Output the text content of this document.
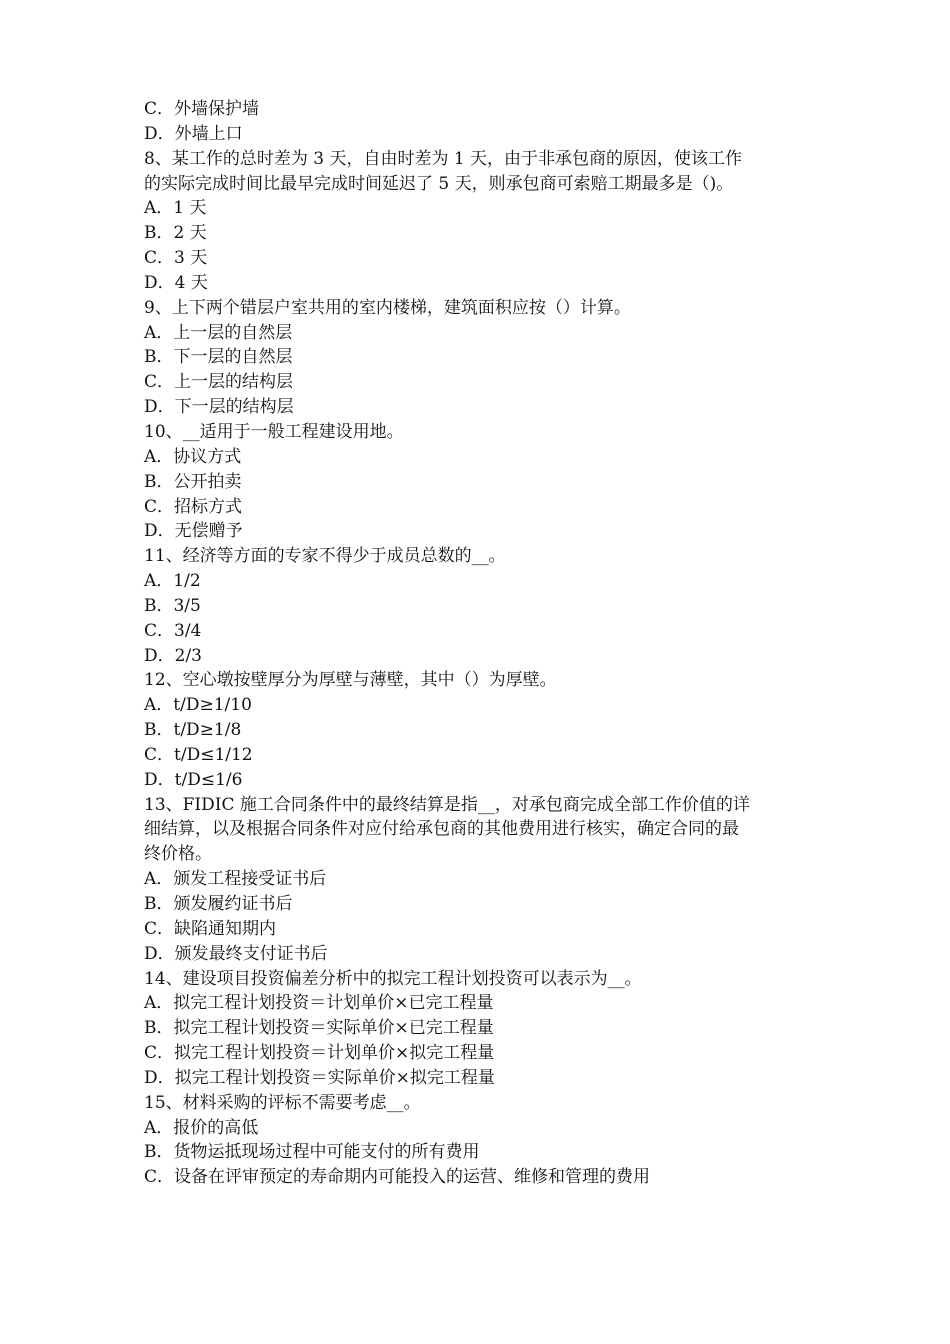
C．外墙保护墙
D．外墙上口
8、某工作的总时差为 3 天，自由时差为 1 天，由于非承包商的原因，使该工作
的实际完成时间比最早完成时间延迟了 5 天，则承包商可索赔工期最多是（)。
A．1 天
B．2 天
C．3 天
D．4 天
9、上下两个错层户室共用的室内楼梯，建筑面积应按（）计算。
A．上一层的自然层
B．下一层的自然层
C．上一层的结构层
D．下一层的结构层
10、__适用于一般工程建设用地。
A．协议方式
B．公开拍卖
C．招标方式
D．无偿赠予
11、经济等方面的专家不得少于成员总数的__。
A．1/2
B．3/5
C．3/4
D．2/3
12、空心墩按壁厚分为厚壁与薄壁，其中（）为厚壁。
A．t/D≥1/10
B．t/D≥1/8
C．t/D≤1/12
D．t/D≤1/6
13、FIDIC 施工合同条件中的最终结算是指__，对承包商完成全部工作价值的详
细结算，以及根据合同条件对应付给承包商的其他费用进行核实，确定合同的最
终价格。
A．颁发工程接受证书后
B．颁发履约证书后
C．缺陷通知期内
D．颁发最终支付证书后
14、建设项目投资偏差分析中的拟完工程计划投资可以表示为__。
A．拟完工程计划投资＝计划单价×已完工程量
B．拟完工程计划投资＝实际单价×已完工程量
C．拟完工程计划投资＝计划单价×拟完工程量
D．拟完工程计划投资＝实际单价×拟完工程量
15、材料采购的评标不需要考虑__。
A．报价的高低
B．货物运抵现场过程中可能支付的所有费用
C．设备在评审预定的寿命期内可能投入的运营、维修和管理的费用
